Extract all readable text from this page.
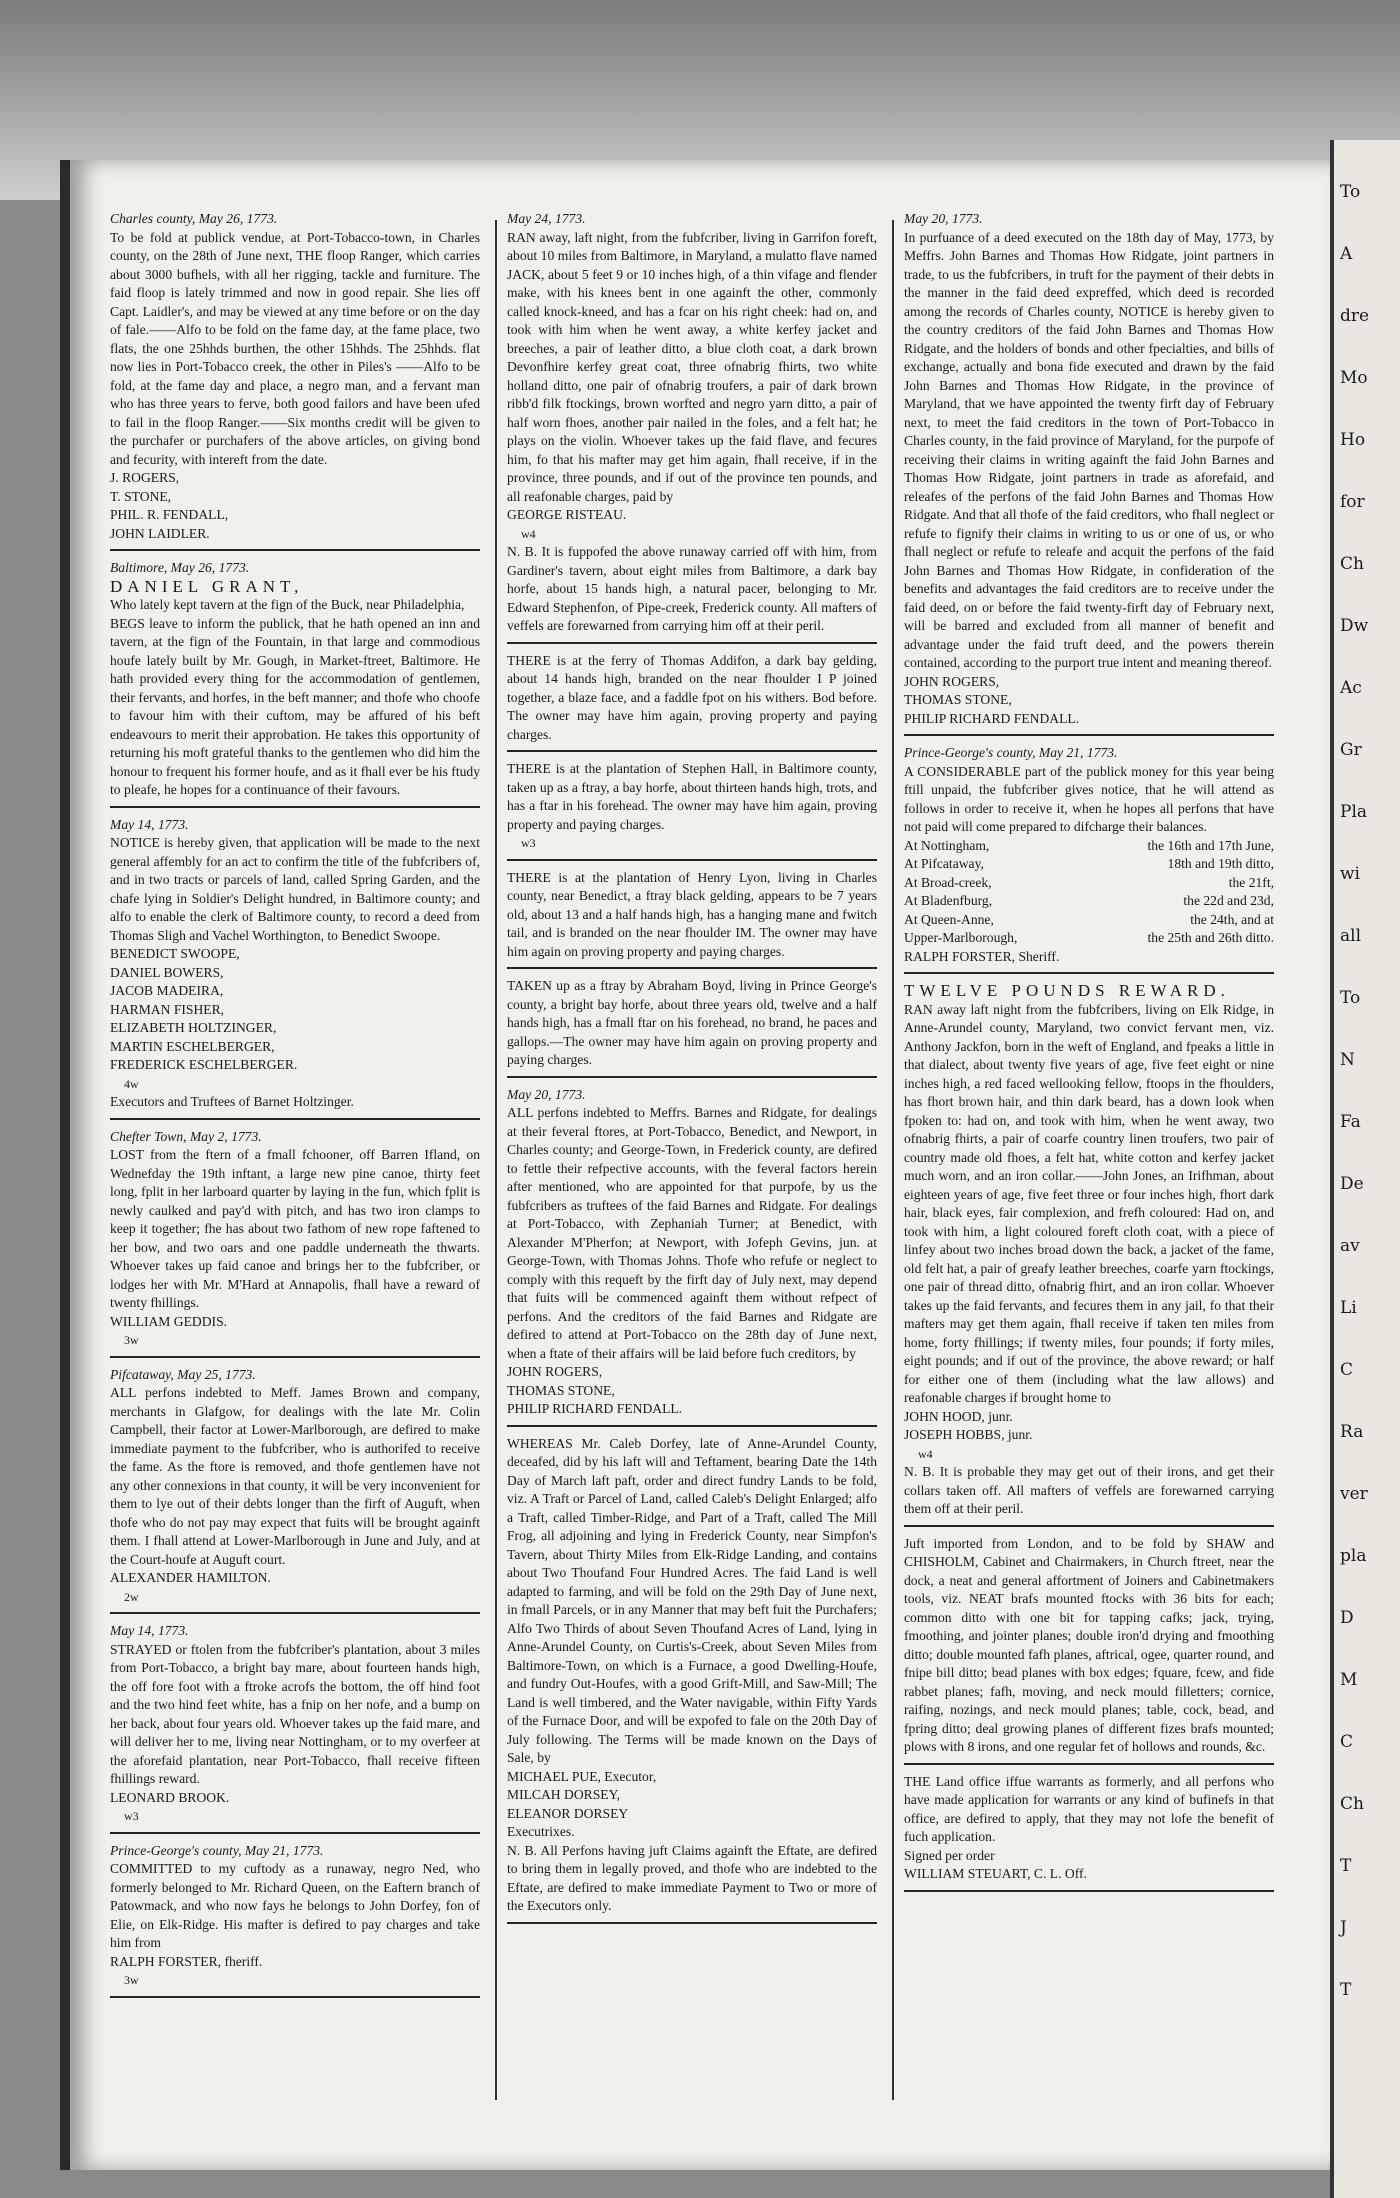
Charles county, May 26, 1773.

To be fold at publick vendue, at Port-Tobacco-town, in Charles county, on the 28th of June next, THE floop Ranger, which carries about 3000 bufhels, with all her rigging, tackle and furniture. The faid floop is lately trimmed and now in good repair. She lies off Capt. Laidler's, and may be viewed at any time before or on the day of fale.——Alfo to be fold on the fame day, at the fame place, two flats, the one 25hhds burthen, the other 15hhds. The 25hhds. flat now lies in Port-Tobacco creek, the other in Piles's ——Alfo to be fold, at the fame day and place, a negro man, and a fervant man who has three years to ferve, both good failors and have been ufed to fail in the floop Ranger.——Six months credit will be given to the purchafer or purchafers of the above articles, on giving bond and fecurity, with intereft from the date.

J. ROGERS,

T. STONE,

PHIL. R. FENDALL,

JOHN LAIDLER.

Baltimore, May 26, 1773.

DANIEL GRANT,

Who lately kept tavern at the fign of the Buck, near Philadelphia,

BEGS leave to inform the publick, that he hath opened an inn and tavern, at the fign of the Fountain, in that large and commodious houfe lately built by Mr. Gough, in Market-ftreet, Baltimore. He hath provided every thing for the accommodation of gentlemen, their fervants, and horfes, in the beft manner; and thofe who choofe to favour him with their cuftom, may be affured of his beft endeavours to merit their approbation. He takes this opportunity of returning his moft grateful thanks to the gentlemen who did him the honour to frequent his former houfe, and as it fhall ever be his ftudy to pleafe, he hopes for a continuance of their favours.

May 14, 1773.

NOTICE is hereby given, that application will be made to the next general affembly for an act to confirm the title of the fubfcribers of, and in two tracts or parcels of land, called Spring Garden, and the chafe lying in Soldier's Delight hundred, in Baltimore county; and alfo to enable the clerk of Baltimore county, to record a deed from Thomas Sligh and Vachel Worthington, to Benedict Swoope.

BENEDICT SWOOPE,

DANIEL BOWERS,

JACOB MADEIRA,

HARMAN FISHER,

ELIZABETH HOLTZINGER,

MARTIN ESCHELBERGER,

FREDERICK ESCHELBERGER.

4w

Executors and Truftees of Barnet Holtzinger.

Chefter Town, May 2, 1773.

LOST from the ftern of a fmall fchooner, off Barren Ifland, on Wednefday the 19th inftant, a large new pine canoe, thirty feet long, fplit in her larboard quarter by laying in the fun, which fplit is newly caulked and pay'd with pitch, and has two iron clamps to keep it together; fhe has about two fathom of new rope faftened to her bow, and two oars and one paddle underneath the thwarts. Whoever takes up faid canoe and brings her to the fubfcriber, or lodges her with Mr. M'Hard at Annapolis, fhall have a reward of twenty fhillings.

WILLIAM GEDDIS.

3w

Pifcataway, May 25, 1773.

ALL perfons indebted to Meff. James Brown and company, merchants in Glafgow, for dealings with the late Mr. Colin Campbell, their factor at Lower-Marlborough, are defired to make immediate payment to the fubfcriber, who is authorifed to receive the fame. As the ftore is removed, and thofe gentlemen have not any other connexions in that county, it will be very inconvenient for them to lye out of their debts longer than the firft of Auguft, when thofe who do not pay may expect that fuits will be brought againft them. I fhall attend at Lower-Marlborough in June and July, and at the Court-houfe at Auguft court.

ALEXANDER HAMILTON.

2w

May 14, 1773.

STRAYED or ftolen from the fubfcriber's plantation, about 3 miles from Port-Tobacco, a bright bay mare, about fourteen hands high, the off fore foot with a ftroke acrofs the bottom, the off hind foot and the two hind feet white, has a fnip on her nofe, and a bump on her back, about four years old. Whoever takes up the faid mare, and will deliver her to me, living near Nottingham, or to my overfeer at the aforefaid plantation, near Port-Tobacco, fhall receive fifteen fhillings reward.

LEONARD BROOK.

w3

Prince-George's county, May 21, 1773.

COMMITTED to my cuftody as a runaway, negro Ned, who formerly belonged to Mr. Richard Queen, on the Eaftern branch of Patowmack, and who now fays he belongs to John Dorfey, fon of Elie, on Elk-Ridge. His mafter is defired to pay charges and take him from

RALPH FORSTER, fheriff.

3w

May 24, 1773.

RAN away, laft night, from the fubfcriber, living in Garrifon foreft, about 10 miles from Baltimore, in Maryland, a mulatto flave named JACK, about 5 feet 9 or 10 inches high, of a thin vifage and flender make, with his knees bent in one againft the other, commonly called knock-kneed, and has a fcar on his right cheek: had on, and took with him when he went away, a white kerfey jacket and breeches, a pair of leather ditto, a blue cloth coat, a dark brown Devonfhire kerfey great coat, three ofnabrig fhirts, two white holland ditto, one pair of ofnabrig troufers, a pair of dark brown ribb'd filk ftockings, brown worfted and negro yarn ditto, a pair of half worn fhoes, another pair nailed in the foles, and a felt hat; he plays on the violin. Whoever takes up the faid flave, and fecures him, fo that his mafter may get him again, fhall receive, if in the province, three pounds, and if out of the province ten pounds, and all reafonable charges, paid by

GEORGE RISTEAU.

w4

N. B. It is fuppofed the above runaway carried off with him, from Gardiner's tavern, about eight miles from Baltimore, a dark bay horfe, about 15 hands high, a natural pacer, belonging to Mr. Edward Stephenfon, of Pipe-creek, Frederick county. All mafters of veffels are forewarned from carrying him off at their peril.

THERE is at the ferry of Thomas Addifon, a dark bay gelding, about 14 hands high, branded on the near fhoulder I P joined together, a blaze face, and a faddle fpot on his withers. Bod before. The owner may have him again, proving property and paying charges.

THERE is at the plantation of Stephen Hall, in Baltimore county, taken up as a ftray, a bay horfe, about thirteen hands high, trots, and has a ftar in his forehead. The owner may have him again, proving property and paying charges.

w3

THERE is at the plantation of Henry Lyon, living in Charles county, near Benedict, a ftray black gelding, appears to be 7 years old, about 13 and a half hands high, has a hanging mane and fwitch tail, and is branded on the near fhoulder IM. The owner may have him again on proving property and paying charges.

TAKEN up as a ftray by Abraham Boyd, living in Prince George's county, a bright bay horfe, about three years old, twelve and a half hands high, has a fmall ftar on his forehead, no brand, he paces and gallops.—The owner may have him again on proving property and paying charges.

May 20, 1773.

ALL perfons indebted to Meffrs. Barnes and Ridgate, for dealings at their feveral ftores, at Port-Tobacco, Benedict, and Newport, in Charles county; and George-Town, in Frederick county, are defired to fettle their refpective accounts, with the feveral factors herein after mentioned, who are appointed for that purpofe, by us the fubfcribers as truftees of the faid Barnes and Ridgate. For dealings at Port-Tobacco, with Zephaniah Turner; at Benedict, with Alexander M'Pherfon; at Newport, with Jofeph Gevins, jun. at George-Town, with Thomas Johns. Thofe who refufe or neglect to comply with this requeft by the firft day of July next, may depend that fuits will be commenced againft them without refpect of perfons. And the creditors of the faid Barnes and Ridgate are defired to attend at Port-Tobacco on the 28th day of June next, when a ftate of their affairs will be laid before fuch creditors, by

JOHN ROGERS,

THOMAS STONE,

PHILIP RICHARD FENDALL.

WHEREAS Mr. Caleb Dorfey, late of Anne-Arundel County, deceafed, did by his laft will and Teftament, bearing Date the 14th Day of March laft paft, order and direct fundry Lands to be fold, viz. A Traft or Parcel of Land, called Caleb's Delight Enlarged; alfo a Traft, called Timber-Ridge, and Part of a Traft, called The Mill Frog, all adjoining and lying in Frederick County, near Simpfon's Tavern, about Thirty Miles from Elk-Ridge Landing, and contains about Two Thoufand Four Hundred Acres. The faid Land is well adapted to farming, and will be fold on the 29th Day of June next, in fmall Parcels, or in any Manner that may beft fuit the Purchafers; Alfo Two Thirds of about Seven Thoufand Acres of Land, lying in Anne-Arundel County, on Curtis's-Creek, about Seven Miles from Baltimore-Town, on which is a Furnace, a good Dwelling-Houfe, and fundry Out-Houfes, with a good Grift-Mill, and Saw-Mill; The Land is well timbered, and the Water navigable, within Fifty Yards of the Furnace Door, and will be expofed to fale on the 20th Day of July following. The Terms will be made known on the Days of Sale, by

MICHAEL PUE, Executor,

MILCAH DORSEY,

ELEANOR DORSEY

Executrixes.

N. B. All Perfons having juft Claims againft the Eftate, are defired to bring them in legally proved, and thofe who are indebted to the Eftate, are defired to make immediate Payment to Two or more of the Executors only.

May 20, 1773.

In purfuance of a deed executed on the 18th day of May, 1773, by Meffrs. John Barnes and Thomas How Ridgate, joint partners in trade, to us the fubfcribers, in truft for the payment of their debts in the manner in the faid deed expreffed, which deed is recorded among the records of Charles county, NOTICE is hereby given to the country creditors of the faid John Barnes and Thomas How Ridgate, and the holders of bonds and other fpecialties, and bills of exchange, actually and bona fide executed and drawn by the faid John Barnes and Thomas How Ridgate, in the province of Maryland, that we have appointed the twenty firft day of February next, to meet the faid creditors in the town of Port-Tobacco in Charles county, in the faid province of Maryland, for the purpofe of receiving their claims in writing againft the faid John Barnes and Thomas How Ridgate, joint partners in trade as aforefaid, and releafes of the perfons of the faid John Barnes and Thomas How Ridgate. And that all thofe of the faid creditors, who fhall neglect or refufe to fignify their claims in writing to us or one of us, or who fhall neglect or refufe to releafe and acquit the perfons of the faid John Barnes and Thomas How Ridgate, in confideration of the benefits and advantages the faid creditors are to receive under the faid deed, on or before the faid twenty-firft day of February next, will be barred and excluded from all manner of benefit and advantage under the faid truft deed, and the powers therein contained, according to the purport true intent and meaning thereof.

JOHN ROGERS,

THOMAS STONE,

PHILIP RICHARD FENDALL.

Prince-George's county, May 21, 1773.

A CONSIDERABLE part of the publick money for this year being ftill unpaid, the fubfcriber gives notice, that he will attend as follows in order to receive it, when he hopes all perfons that have not paid will come prepared to difcharge their balances.

At Nottingham,	the 16th and 17th June,

At Pifcataway,	18th and 19th ditto,

At Broad-creek,	the 21ft,

At Bladenfburg,	the 22d and 23d,

At Queen-Anne,	the 24th, and at

Upper-Marlborough,	the 25th and 26th ditto.

RALPH FORSTER, Sheriff.

TWELVE POUNDS REWARD.

RAN away laft night from the fubfcribers, living on Elk Ridge, in Anne-Arundel county, Maryland, two convict fervant men, viz. Anthony Jackfon, born in the weft of England, and fpeaks a little in that dialect, about twenty five years of age, five feet eight or nine inches high, a red faced wellooking fellow, ftoops in the fhoulders, has fhort brown hair, and thin dark beard, has a down look when fpoken to: had on, and took with him, when he went away, two ofnabrig fhirts, a pair of coarfe country linen troufers, two pair of country made old fhoes, a felt hat, white cotton and kerfey jacket much worn, and an iron collar.——John Jones, an Irifhman, about eighteen years of age, five feet three or four inches high, fhort dark hair, black eyes, fair complexion, and frefh coloured: Had on, and took with him, a light coloured foreft cloth coat, with a piece of linfey about two inches broad down the back, a jacket of the fame, old felt hat, a pair of greafy leather breeches, coarfe yarn ftockings, one pair of thread ditto, ofnabrig fhirt, and an iron collar. Whoever takes up the faid fervants, and fecures them in any jail, fo that their mafters may get them again, fhall receive if taken ten miles from home, forty fhillings; if twenty miles, four pounds; if forty miles, eight pounds; and if out of the province, the above reward; or half for either one of them (including what the law allows) and reafonable charges if brought home to

JOHN HOOD, junr.

JOSEPH HOBBS, junr.

w4

N. B. It is probable they may get out of their irons, and get their collars taken off. All mafters of veffels are forewarned carrying them off at their peril.

Juft imported from London, and to be fold by SHAW and CHISHOLM, Cabinet and Chairmakers, in Church ftreet, near the dock, a neat and general affortment of Joiners and Cabinetmakers tools, viz. NEAT brafs mounted ftocks with 36 bits for each; common ditto with one bit for tapping cafks; jack, trying, fmoothing, and jointer planes; double iron'd drying and fmoothing ditto; double mounted fafh planes, aftrical, ogee, quarter round, and fnipe bill ditto; bead planes with box edges; fquare, fcew, and fide rabbet planes; fafh, moving, and neck mould filletters; cornice, raifing, nozings, and neck mould planes; table, cock, bead, and fpring ditto; deal growing planes of different fizes brafs mounted; plows with 8 irons, and one regular fet of hollows and rounds, &c.

THE Land office iffue warrants as formerly, and all perfons who have made application for warrants or any kind of bufinefs in that office, are defired to apply, that they may not lofe the benefit of fuch application.

Signed per order

WILLIAM STEUART, C. L. Off.

To
A
dre
Mo
Ho
for
Ch
Dw
Ac
Gr
Pla
wi
all
To
N
Fa
De
av
Li
C
Ra
ver
pla
D
M
C
Ch
T
J
T
